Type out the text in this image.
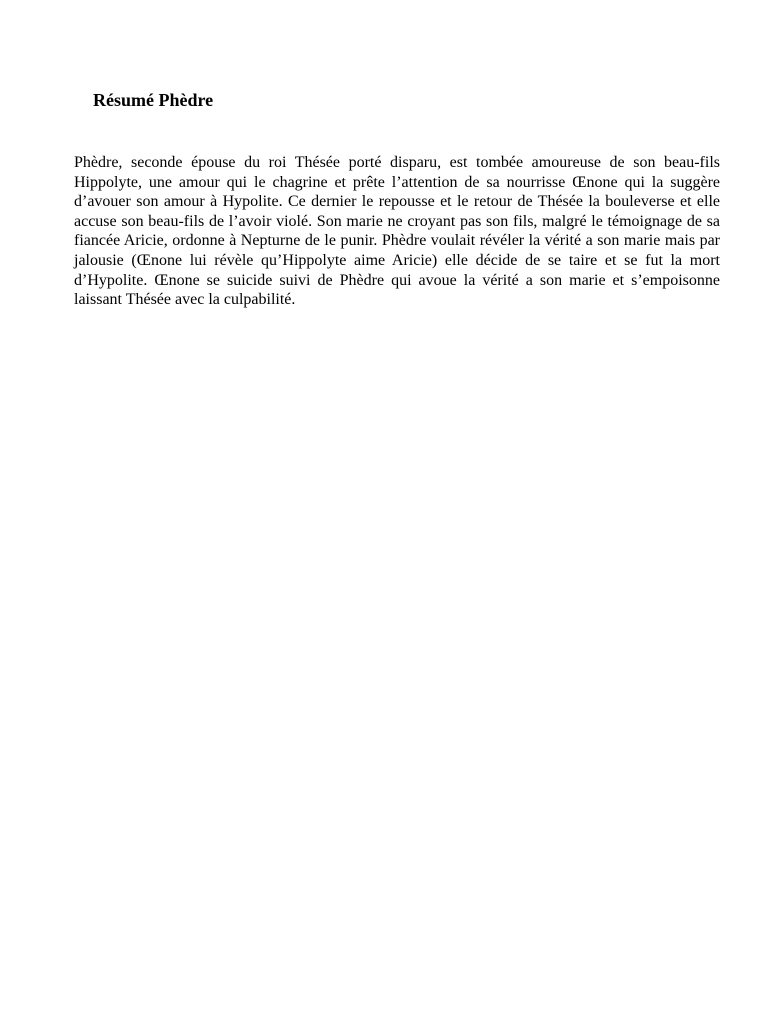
Résumé Phèdre

Phèdre, seconde épouse du roi Thésée porté disparu, est tombée amoureuse de son beau-fils Hippolyte, une amour qui le chagrine et prête l’attention de sa nourrisse Œnone qui la suggère d’avouer son amour à Hypolite. Ce dernier le repousse et le retour de Thésée la bouleverse et elle accuse son beau-fils de l’avoir violé. Son marie ne croyant pas son fils, malgré le témoignage de sa fiancée Aricie, ordonne à Nepturne de le punir. Phèdre voulait révéler la vérité a son marie mais par jalousie (Œnone lui révèle qu’Hippolyte aime Aricie) elle décide de se taire et se fut la mort d’Hypolite. Œnone se suicide suivi de Phèdre qui avoue la vérité a son marie et s’empoisonne laissant Thésée avec la culpabilité.
